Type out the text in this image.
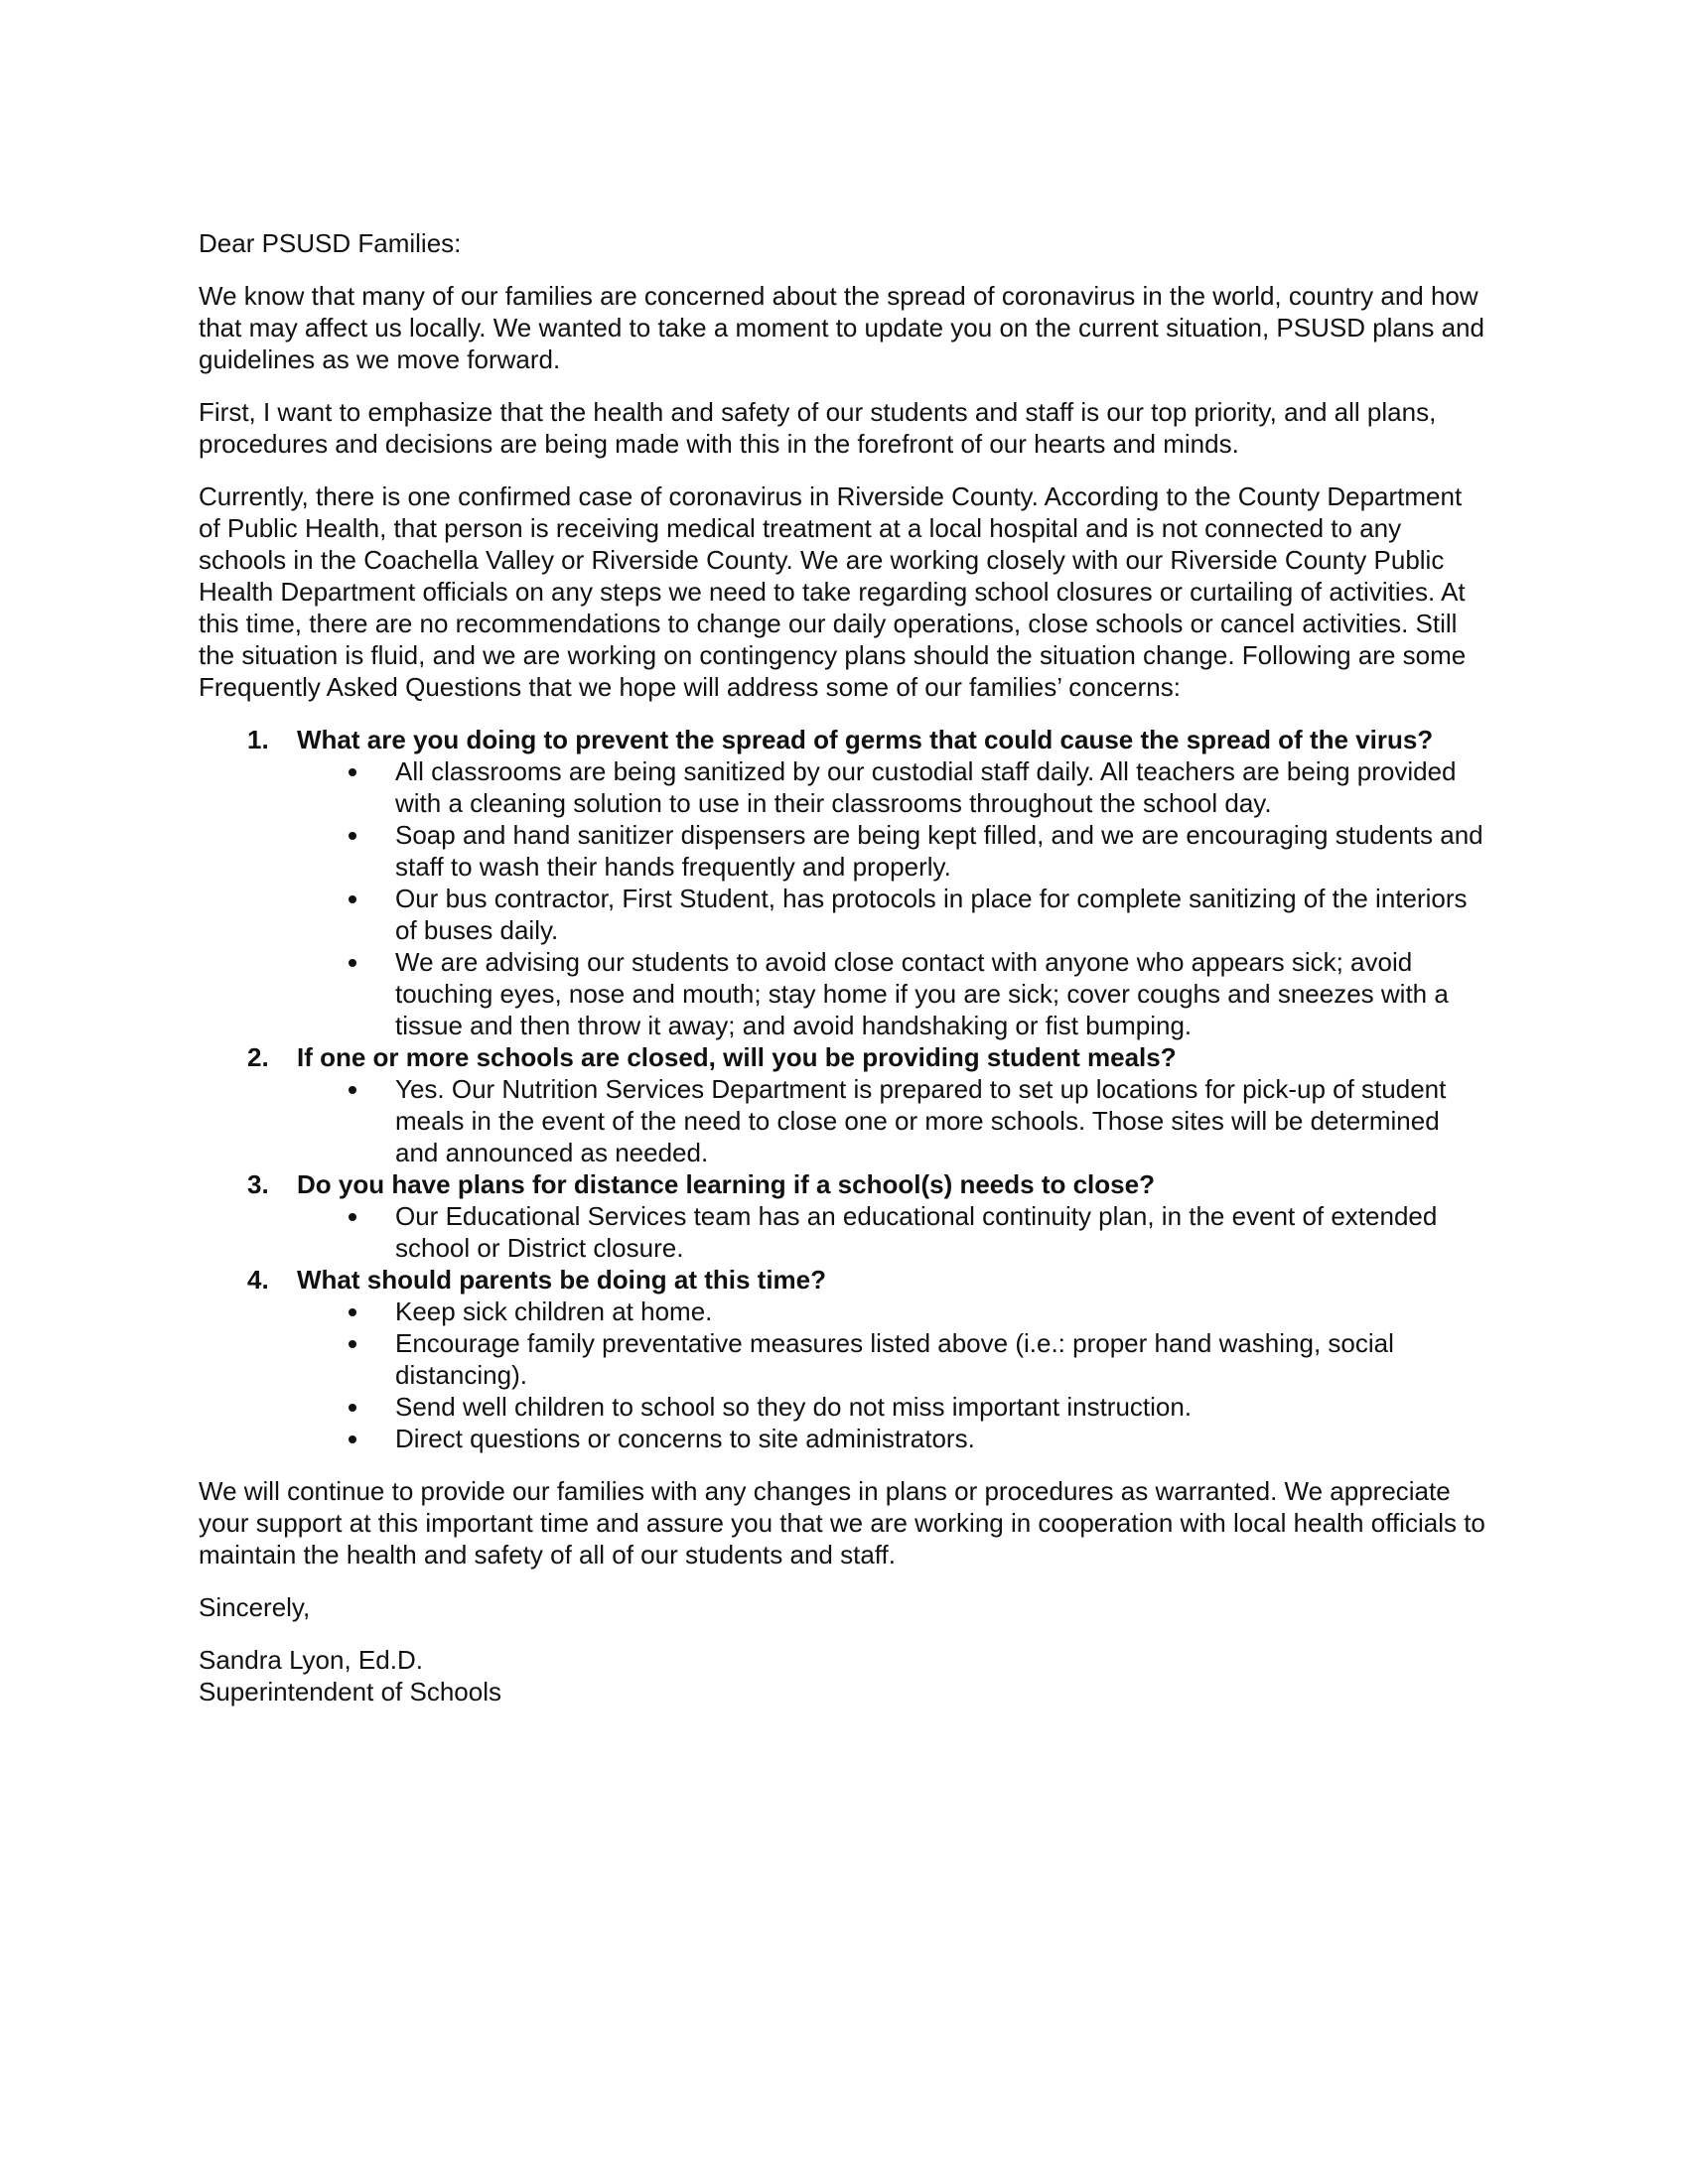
Dear PSUSD Families:

We know that many of our families are concerned about the spread of coronavirus in the world, country and how that may affect us locally. We wanted to take a moment to update you on the current situation, PSUSD plans and guidelines as we move forward.

First, I want to emphasize that the health and safety of our students and staff is our top priority, and all plans, procedures and decisions are being made with this in the forefront of our hearts and minds.

Currently, there is one confirmed case of coronavirus in Riverside County. According to the County Department of Public Health, that person is receiving medical treatment at a local hospital and is not connected to any schools in the Coachella Valley or Riverside County. We are working closely with our Riverside County Public Health Department officials on any steps we need to take regarding school closures or curtailing of activities. At this time, there are no recommendations to change our daily operations, close schools or cancel activities. Still the situation is fluid, and we are working on contingency plans should the situation change. Following are some Frequently Asked Questions that we hope will address some of our families’ concerns:

1. What are you doing to prevent the spread of germs that could cause the spread of the virus?
All classrooms are being sanitized by our custodial staff daily. All teachers are being provided with a cleaning solution to use in their classrooms throughout the school day.
Soap and hand sanitizer dispensers are being kept filled, and we are encouraging students and staff to wash their hands frequently and properly.
Our bus contractor, First Student, has protocols in place for complete sanitizing of the interiors of buses daily.
We are advising our students to avoid close contact with anyone who appears sick; avoid touching eyes, nose and mouth; stay home if you are sick; cover coughs and sneezes with a tissue and then throw it away; and avoid handshaking or fist bumping.
2. If one or more schools are closed, will you be providing student meals?
Yes. Our Nutrition Services Department is prepared to set up locations for pick-up of student meals in the event of the need to close one or more schools. Those sites will be determined and announced as needed.
3. Do you have plans for distance learning if a school(s) needs to close?
Our Educational Services team has an educational continuity plan, in the event of extended school or District closure.
4. What should parents be doing at this time?
Keep sick children at home.
Encourage family preventative measures listed above (i.e.: proper hand washing, social distancing).
Send well children to school so they do not miss important instruction.
Direct questions or concerns to site administrators.

We will continue to provide our families with any changes in plans or procedures as warranted. We appreciate your support at this important time and assure you that we are working in cooperation with local health officials to maintain the health and safety of all of our students and staff.

Sincerely,

Sandra Lyon, Ed.D.
Superintendent of Schools
